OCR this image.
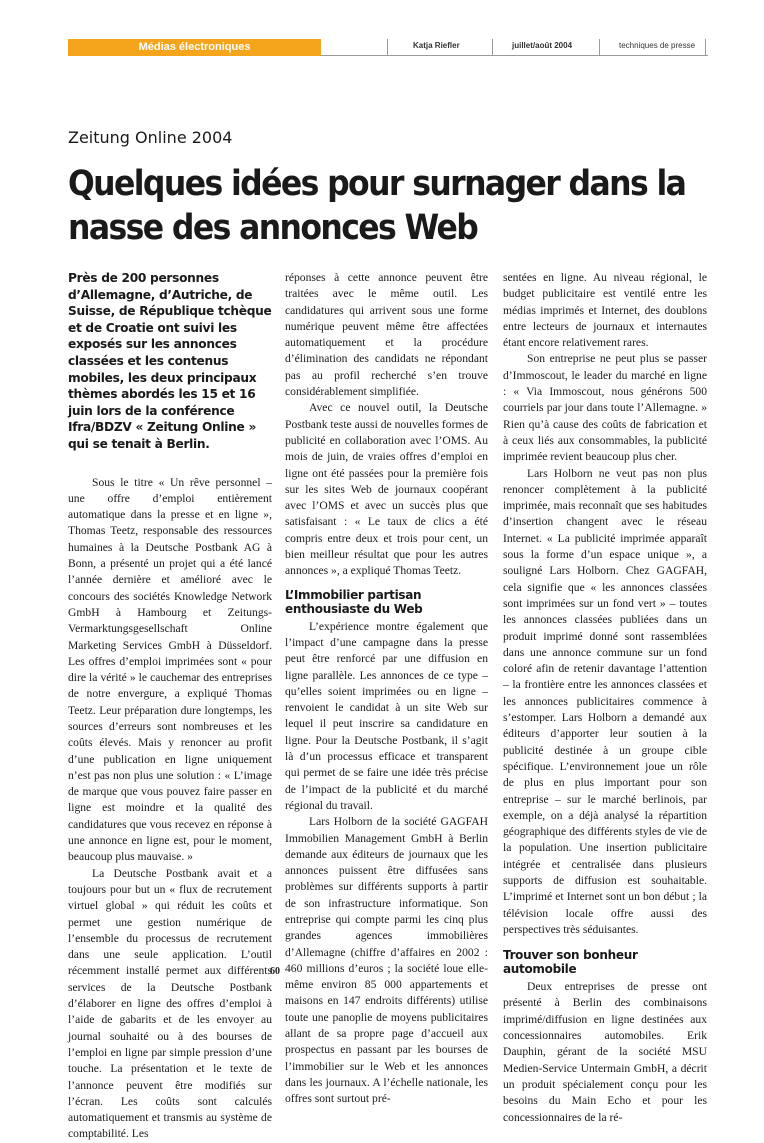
Médias électroniques	Katja Riefler	juillet/août 2004	techniques de presse
Zeitung Online 2004
Quelques idées pour surnager dans la nasse des annonces Web
Près de 200 personnes d’Allemagne, d’Autriche, de Suisse, de République tchèque et de Croatie ont suivi les exposés sur les annonces classées et les contenus mobiles, les deux principaux thèmes abordés les 15 et 16 juin lors de la conférence Ifra/BDZV « Zeitung Online » qui se tenait à Berlin.

Sous le titre « Un rêve personnel – une offre d’emploi entièrement automatique dans la presse et en ligne », Thomas Teetz, responsable des ressources humaines à la Deutsche Postbank AG à Bonn, a présenté un projet qui a été lancé l’année dernière et amélioré avec le concours des sociétés Knowledge Network GmbH à Hambourg et Zeitungs-Vermarktungsgesellschaft Online Marketing Services GmbH à Düsseldorf. Les offres d’emploi imprimées sont « pour dire la vérité » le cauchemar des entreprises de notre envergure, a expliqué Thomas Teetz. Leur préparation dure longtemps, les sources d’erreurs sont nombreuses et les coûts élevés. Mais y renoncer au profit d’une publication en ligne uniquement n’est pas non plus une solution : « L’image de marque que vous pouvez faire passer en ligne est moindre et la qualité des candidatures que vous recevez en réponse à une annonce en ligne est, pour le moment, beaucoup plus mauvaise. »

La Deutsche Postbank avait et a toujours pour but un « flux de recrutement virtuel global » qui réduit les coûts et permet une gestion numérique de l’ensemble du processus de recrutement dans une seule application. L’outil récemment installé permet aux différents services de la Deutsche Postbank d’élaborer en ligne des offres d’emploi à l’aide de gabarits et de les envoyer au journal souhaité ou à des bourses de l’emploi en ligne par simple pression d’une touche. La présentation et le texte de l’annonce peuvent être modifiés sur l’écran. Les coûts sont calculés automatiquement et transmis au système de comptabilité. Les

réponses à cette annonce peuvent être traitées avec le même outil. Les candidatures qui arrivent sous une forme numérique peuvent même être affectées automatiquement et la procédure d’élimination des candidats ne répondant pas au profil recherché s’en trouve considérablement simplifiée.

Avec ce nouvel outil, la Deutsche Postbank teste aussi de nouvelles formes de publicité en collaboration avec l’OMS. Au mois de juin, de vraies offres d’emploi en ligne ont été passées pour la première fois sur les sites Web de journaux coopérant avec l’OMS et avec un succès plus que satisfaisant : « Le taux de clics a été compris entre deux et trois pour cent, un bien meilleur résultat que pour les autres annonces », a expliqué Thomas Teetz.

L’Immobilier partisan enthousiaste du Web

L’expérience montre également que l’impact d’une campagne dans la presse peut être renforcé par une diffusion en ligne parallèle. Les annonces de ce type – qu’elles soient imprimées ou en ligne – renvoient le candidat à un site Web sur lequel il peut inscrire sa candidature en ligne. Pour la Deutsche Postbank, il s’agit là d’un processus efficace et transparent qui permet de se faire une idée très précise de l’impact de la publicité et du marché régional du travail.

Lars Holborn de la société GAGFAH Immobilien Management GmbH à Berlin demande aux éditeurs de journaux que les annonces puissent être diffusées sans problèmes sur différents supports à partir de son infrastructure informatique. Son entreprise qui compte parmi les cinq plus grandes agences immobilières d’Allemagne (chiffre d’affaires en 2002 : 460 millions d’euros ; la société loue elle-même environ 85 000 appartements et maisons en 147 endroits différents) utilise toute une panoplie de moyens publicitaires allant de sa propre page d’accueil aux prospectus en passant par les bourses de l’immobilier sur le Web et les annonces dans les journaux. A l’échelle nationale, les offres sont surtout pré-

sentées en ligne. Au niveau régional, le budget publicitaire est ventilé entre les médias imprimés et Internet, des doublons entre lecteurs de journaux et internautes étant encore relativement rares.

Son entreprise ne peut plus se passer d’Immoscout, le leader du marché en ligne : « Via Immoscout, nous générons 500 courriels par jour dans toute l’Allemagne. » Rien qu’à cause des coûts de fabrication et à ceux liés aux consommables, la publicité imprimée revient beaucoup plus cher.

Lars Holborn ne veut pas non plus renoncer complètement à la publicité imprimée, mais reconnaît que ses habitudes d’insertion changent avec le réseau Internet. « La publicité imprimée apparaît sous la forme d’un espace unique », a souligné Lars Holborn. Chez GAGFAH, cela signifie que « les annonces classées sont imprimées sur un fond vert » – toutes les annonces classées publiées dans un produit imprimé donné sont rassemblées dans une annonce commune sur un fond coloré afin de retenir davantage l’attention – la frontière entre les annonces classées et les annonces publicitaires commence à s’estomper. Lars Holborn a demandé aux éditeurs d’apporter leur soutien à la publicité destinée à un groupe cible spécifique. L’environnement joue un rôle de plus en plus important pour son entreprise – sur le marché berlinois, par exemple, on a déjà analysé la répartition géographique des différents styles de vie de la population. Une insertion publicitaire intégrée et centralisée dans plusieurs supports de diffusion est souhaitable. L’imprimé et Internet sont un bon début ; la télévision locale offre aussi des perspectives très séduisantes.

Trouver son bonheur automobile

Deux entreprises de presse ont présenté à Berlin des combinaisons imprimé/diffusion en ligne destinées aux concessionnaires automobiles. Erik Dauphin, gérant de la société MSU Medien-Service Untermain GmbH, a décrit un produit spécialement conçu pour les besoins du Main Echo et pour les concessionnaires de la ré-

60
